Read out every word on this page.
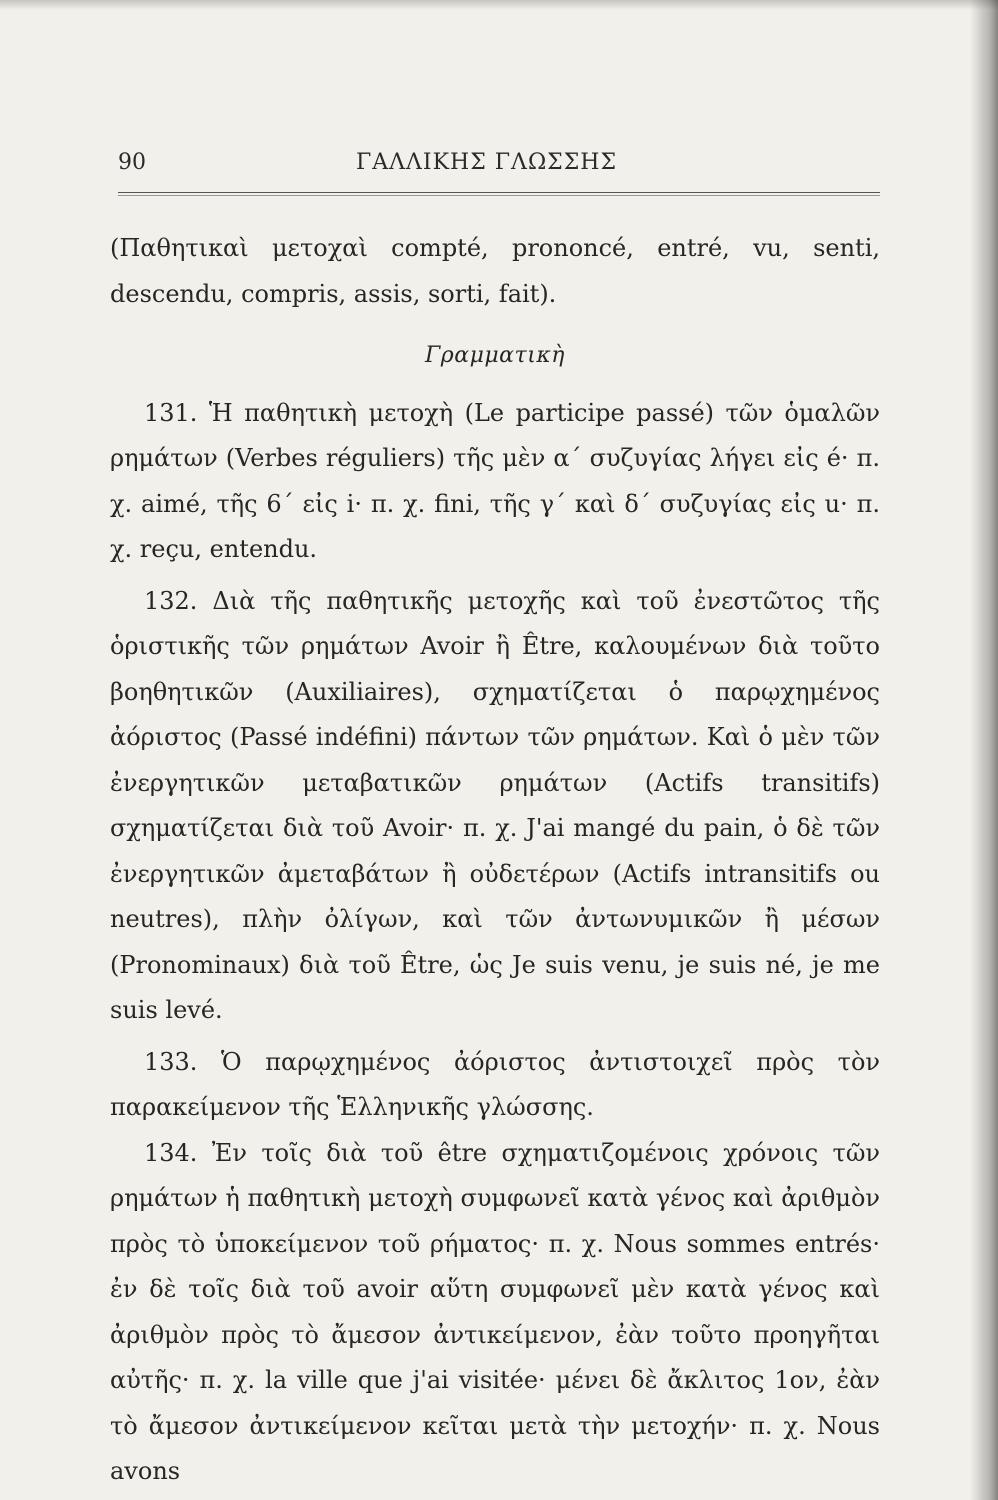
90	ΓΑΛΛΙΚΗΣ ΓΛΩΣΣΗΣ

(Παθητικαὶ μετοχαὶ compté, prononcé, entré, vu, senti, descendu, compris, assis, sorti, fait).

Γραμματικὴ

131. Ἡ παθητικὴ μετοχὴ (Le participe passé) τῶν ὁμαλῶν ρημάτων (Verbes réguliers) τῆς μὲν α΄ συζυγίας λήγει εἰς é· π. χ. aimé, τῆς 6΄ εἰς i· π. χ. fini, τῆς γ΄ καὶ δ΄ συζυγίας εἰς u· π. χ. reçu, entendu.

132. Διὰ τῆς παθητικῆς μετοχῆς καὶ τοῦ ἐνεστῶτος τῆς ὁριστικῆς τῶν ρημάτων Avoir ἢ Être, καλουμένων διὰ τοῦτο βοηθητικῶν (Auxiliaires), σχηματίζεται ὁ παρῳχημένος ἀόριστος (Passé indéfini) πάντων τῶν ρημάτων. Καὶ ὁ μὲν τῶν ἐνεργητικῶν μεταβατικῶν ρημάτων (Actifs transitifs) σχηματίζεται διὰ τοῦ Avoir· π. χ. J'ai mangé du pain, ὁ δὲ τῶν ἐνεργητικῶν ἀμεταβάτων ἢ οὐδετέρων (Actifs intransitifs ou neutres), πλὴν ὀλίγων, καὶ τῶν ἀντωνυμικῶν ἢ μέσων (Pronominaux) διὰ τοῦ Être, ὡς Je suis venu, je suis né, je me suis levé.

133. Ὁ παρῳχημένος ἀόριστος ἀντιστοιχεῖ πρὸς τὸν παρακείμενον τῆς Ἑλληνικῆς γλώσσης.

134. Ἐν τοῖς διὰ τοῦ être σχηματιζομένοις χρόνοις τῶν ρημάτων ἡ παθητικὴ μετοχὴ συμφωνεῖ κατὰ γένος καὶ ἀριθμὸν πρὸς τὸ ὑποκείμενον τοῦ ρήματος· π. χ. Nous sommes entrés· ἐν δὲ τοῖς διὰ τοῦ avoir αὕτη συμφωνεῖ μὲν κατὰ γένος καὶ ἀριθμὸν πρὸς τὸ ἄμεσον ἀντικείμενον, ἐὰν τοῦτο προηγῆται αὐτῆς· π. χ. la ville que j'ai visitée· μένει δὲ ἄκλιτος 1ον, ἐὰν τὸ ἄμεσον ἀντικείμενον κεῖται μετὰ τὴν μετοχήν· π. χ. Nous avons
